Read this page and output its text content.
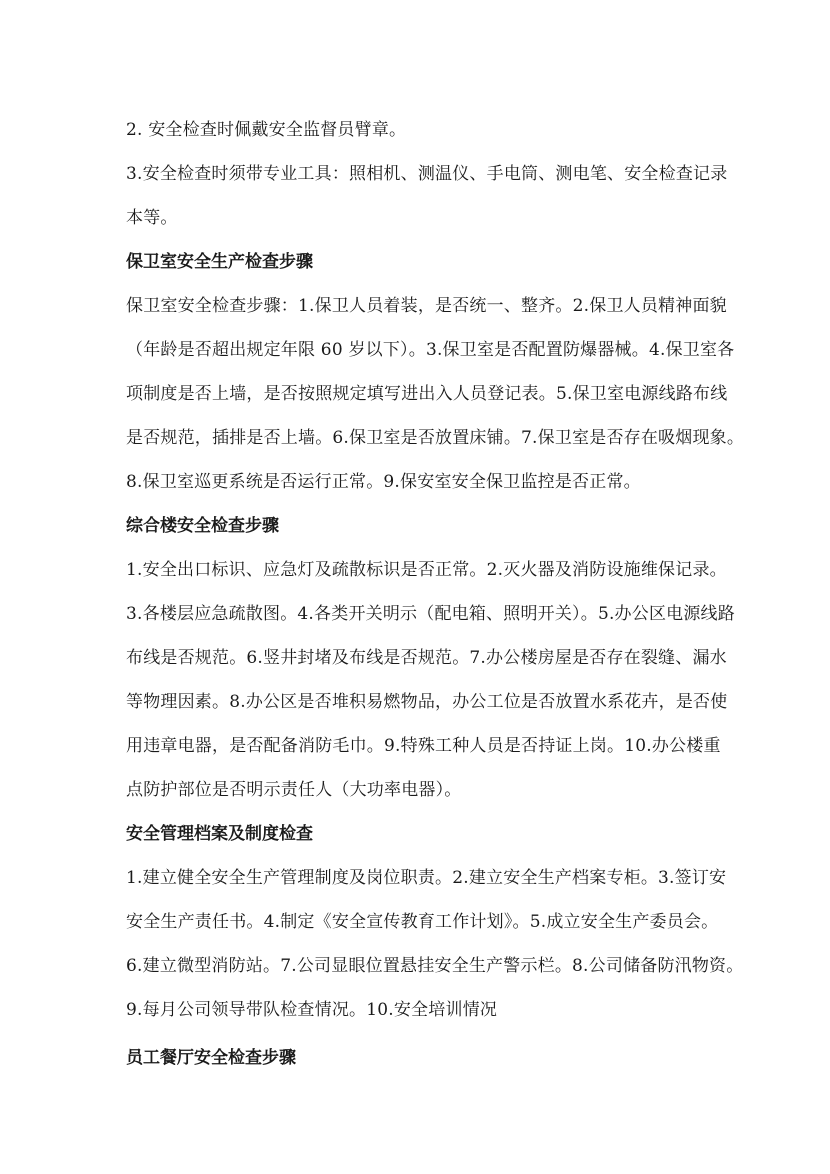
2. 安全检查时佩戴安全监督员臂章。
3.安全检查时须带专业工具：照相机、测温仪、手电筒、测电笔、安全检查记录
本等。
保卫室安全生产检查步骤
保卫室安全检查步骤：1.保卫人员着装，是否统一、整齐。2.保卫人员精神面貌
（年龄是否超出规定年限 60 岁以下）。3.保卫室是否配置防爆器械。4.保卫室各
项制度是否上墙，是否按照规定填写进出入人员登记表。5.保卫室电源线路布线
是否规范，插排是否上墙。6.保卫室是否放置床铺。7.保卫室是否存在吸烟现象。
8.保卫室巡更系统是否运行正常。9.保安室安全保卫监控是否正常。
综合楼安全检查步骤
1.安全出口标识、应急灯及疏散标识是否正常。2.灭火器及消防设施维保记录。
3.各楼层应急疏散图。4.各类开关明示（配电箱、照明开关）。5.办公区电源线路
布线是否规范。6.竖井封堵及布线是否规范。7.办公楼房屋是否存在裂缝、漏水
等物理因素。8.办公区是否堆积易燃物品，办公工位是否放置水系花卉，是否使
用违章电器，是否配备消防毛巾。9.特殊工种人员是否持证上岗。10.办公楼重
点防护部位是否明示责任人（大功率电器）。
安全管理档案及制度检查
1.建立健全安全生产管理制度及岗位职责。2.建立安全生产档案专柜。3.签订安
安全生产责任书。4.制定《安全宣传教育工作计划》。5.成立安全生产委员会。
6.建立微型消防站。7.公司显眼位置悬挂安全生产警示栏。8.公司储备防汛物资。
9.每月公司领导带队检查情况。10.安全培训情况
员工餐厅安全检查步骤
